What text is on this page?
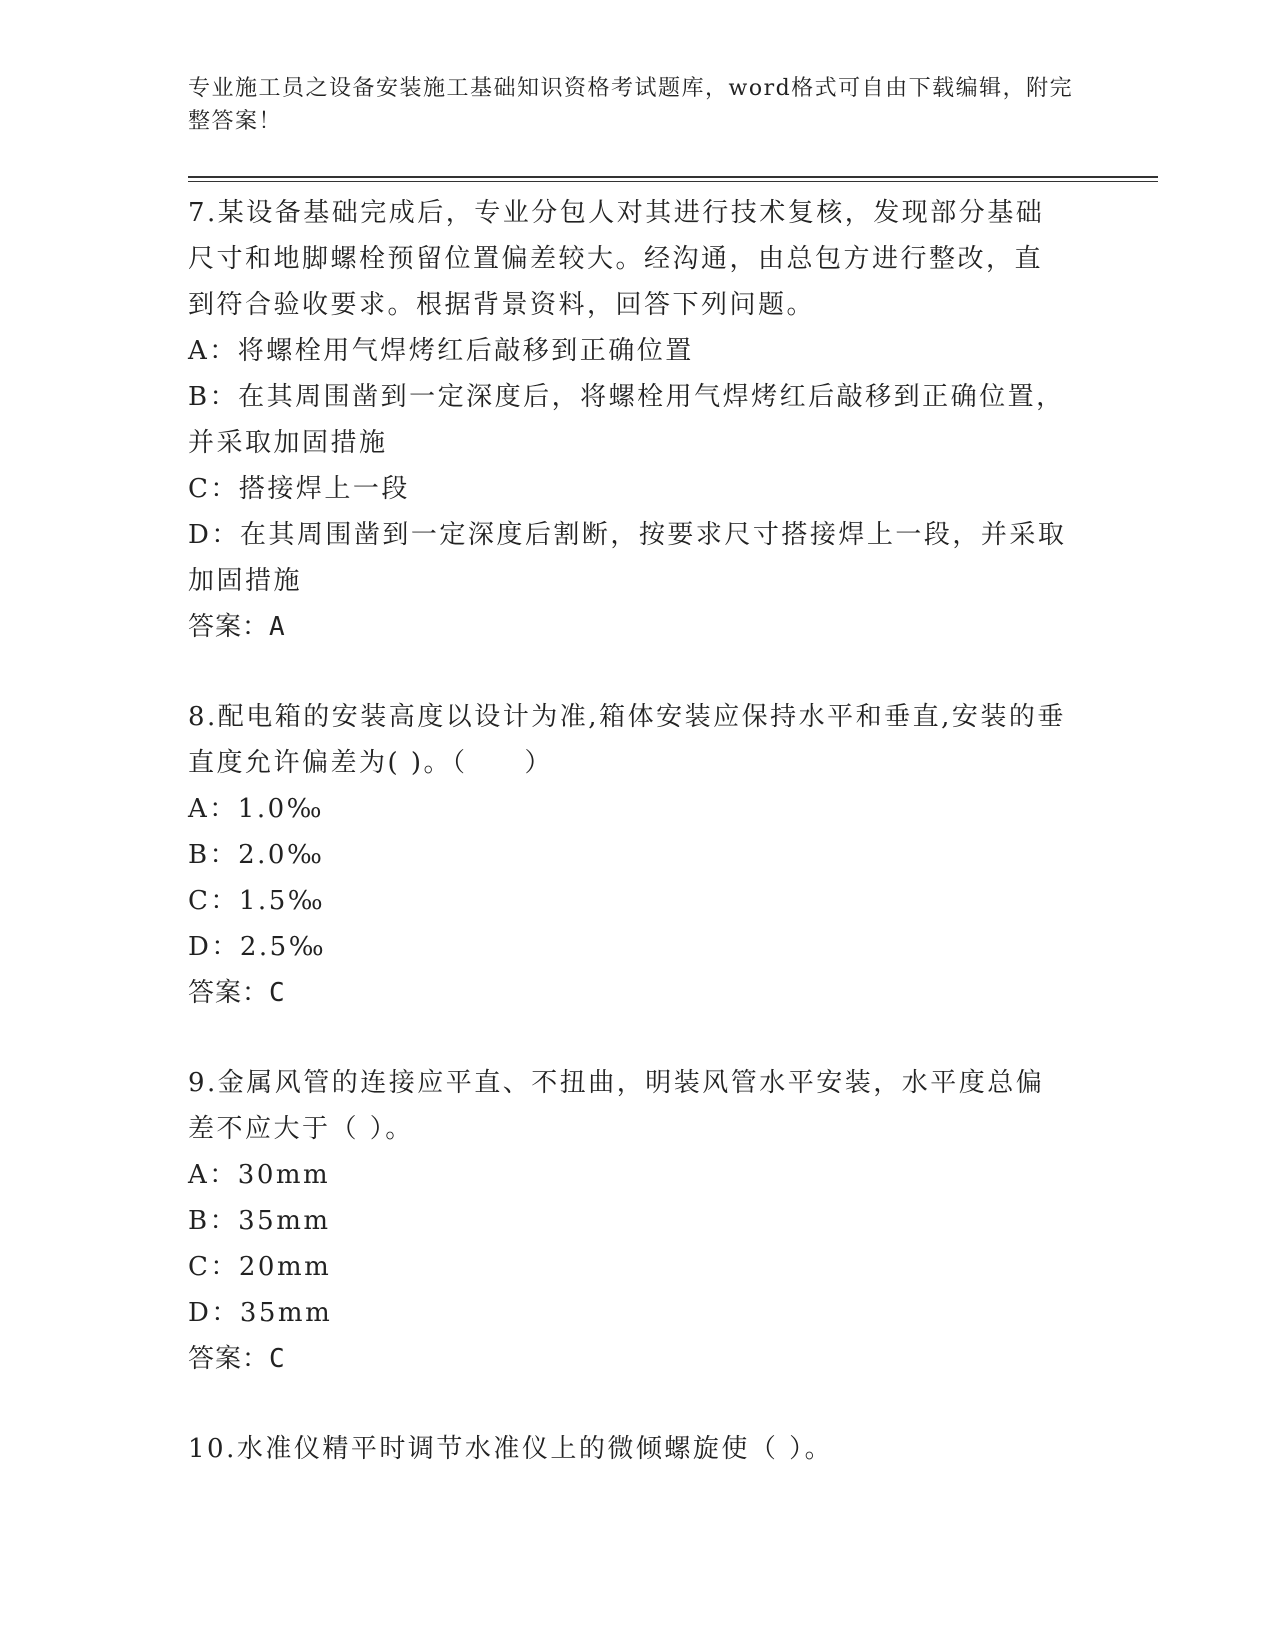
专业施工员之设备安装施工基础知识资格考试题库，word格式可自由下载编辑，附完整答案！

7.某设备基础完成后，专业分包人对其进行技术复核，发现部分基础尺寸和地脚螺栓预留位置偏差较大。经沟通，由总包方进行整改，直到符合验收要求。根据背景资料，回答下列问题。

A：将螺栓用气焊烤红后敲移到正确位置

B：在其周围凿到一定深度后，将螺栓用气焊烤红后敲移到正确位置，并采取加固措施

C：搭接焊上一段

D：在其周围凿到一定深度后割断，按要求尺寸搭接焊上一段，并采取加固措施

答案：A

8.配电箱的安装高度以设计为准,箱体安装应保持水平和垂直,安装的垂直度允许偏差为( )。（　　）

A：1.0‰

B：2.0‰

C：1.5‰

D：2.5‰

答案：C

9.金属风管的连接应平直、不扭曲，明装风管水平安装，水平度总偏差不应大于（ ）。

A：30mm

B：35mm

C：20mm

D：35mm

答案：C

10.水准仪精平时调节水准仪上的微倾螺旋使（ ）。
